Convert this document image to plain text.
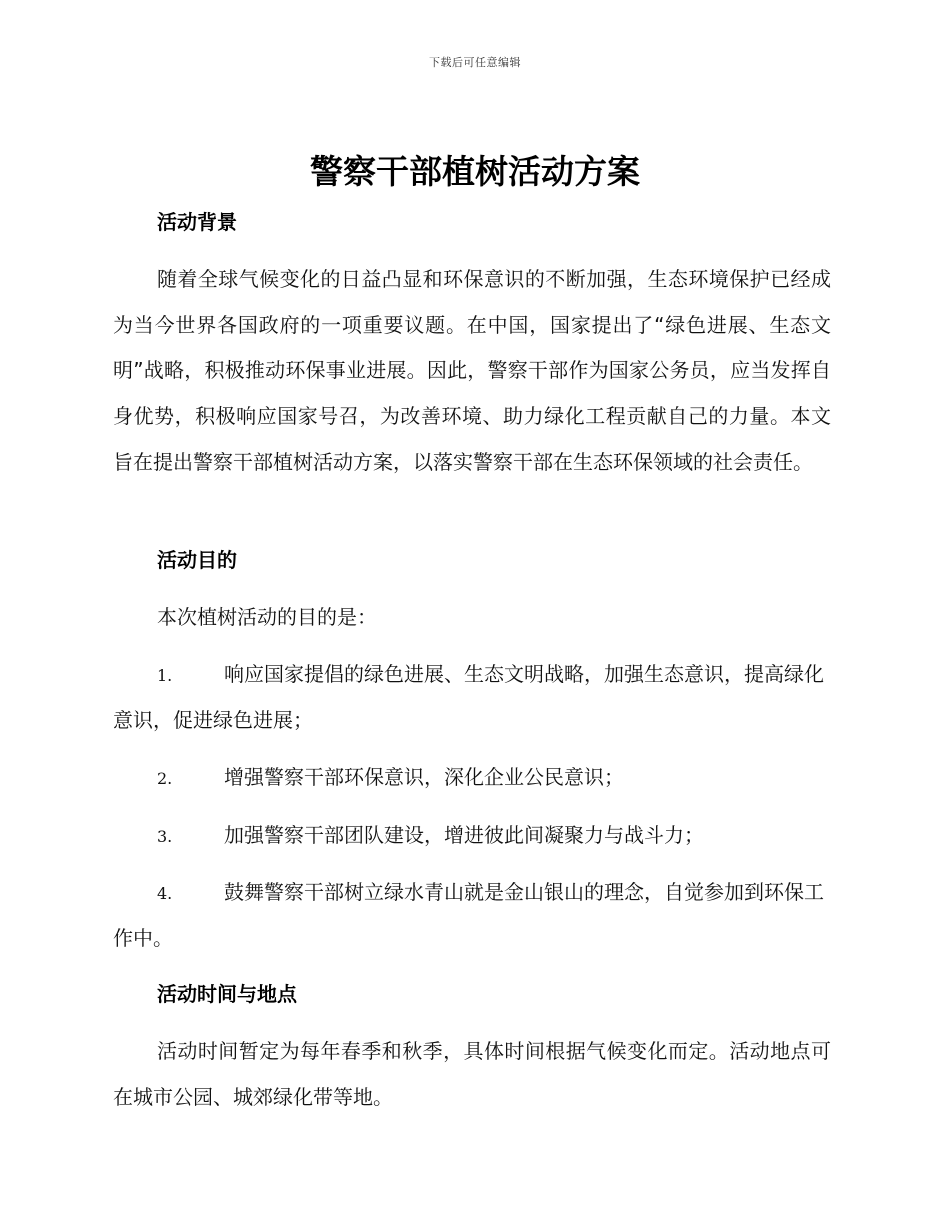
下载后可任意编辑
警察干部植树活动方案
活动背景

随着全球气候变化的日益凸显和环保意识的不断加强，生态环境保护已经成为当今世界各国政府的一项重要议题。在中国，国家提出了“绿色进展、生态文明”战略，积极推动环保事业进展。因此，警察干部作为国家公务员，应当发挥自身优势，积极响应国家号召，为改善环境、助力绿化工程贡献自己的力量。本文旨在提出警察干部植树活动方案，以落实警察干部在生态环保领域的社会责任。

活动目的

本次植树活动的目的是：

1.	响应国家提倡的绿色进展、生态文明战略，加强生态意识，提高绿化意识，促进绿色进展；

2.	增强警察干部环保意识，深化企业公民意识；

3.	加强警察干部团队建设，增进彼此间凝聚力与战斗力；

4.	鼓舞警察干部树立绿水青山就是金山银山的理念，自觉参加到环保工作中。

活动时间与地点

活动时间暂定为每年春季和秋季，具体时间根据气候变化而定。活动地点可在城市公园、城郊绿化带等地。
